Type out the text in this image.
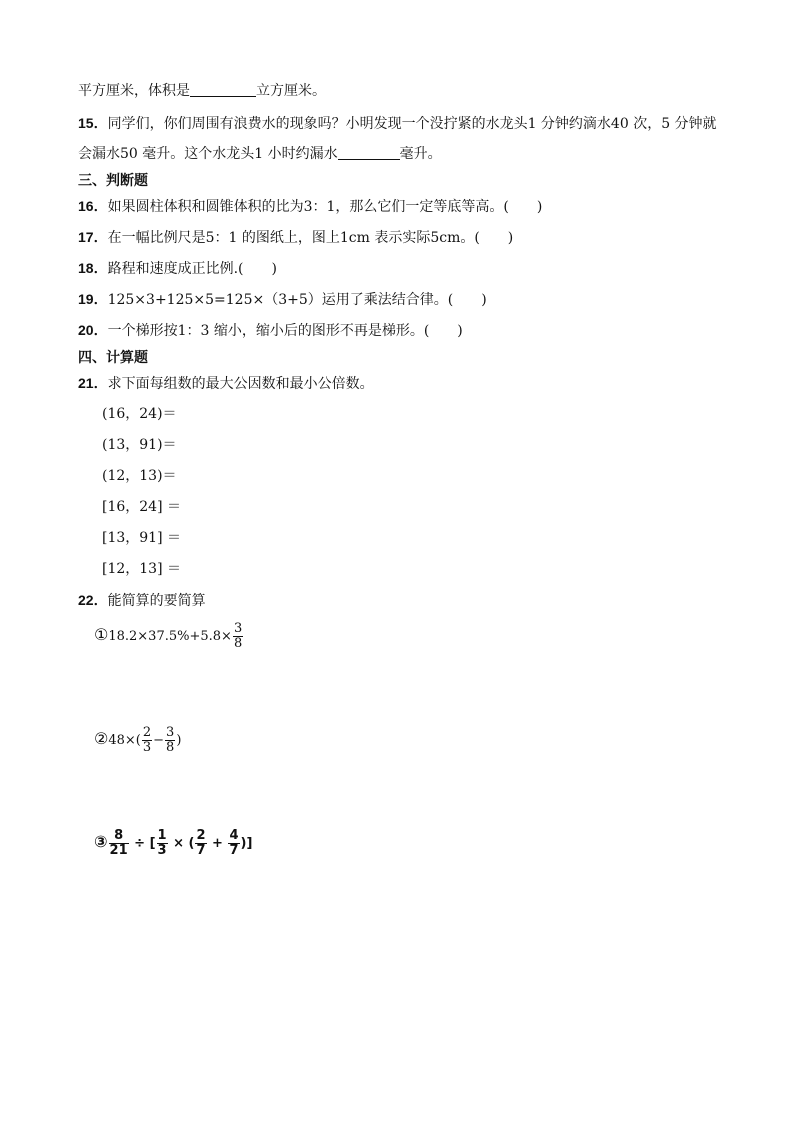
平方厘米，体积是	立方厘米。
15．同学们，你们周围有浪费水的现象吗？小明发现一个没拧紧的水龙头1 分钟约滴水40 次，5 分钟就
会漏水50 毫升。这个水龙头1 小时约漏水	毫升。
三、判断题
16．如果圆柱体积和圆锥体积的比为3：1，那么它们一定等底等高。(　　)
17．在一幅比例尺是5：1 的图纸上，图上1cm 表示实际5cm。(　　)
18．路程和速度成正比例.(　　)
19．125×3+125×5=125×（3+5）运用了乘法结合律。(　　)
20．一个梯形按1：3 缩小，缩小后的图形不再是梯形。(　　)
四、计算题
21．求下面每组数的最大公因数和最小公倍数。
(16，24)＝
(13，91)＝
(12，13)＝
[16，24] ＝
[13，91] ＝
[12，13] ＝
22．能简算的要简算
①18.2×37.5%+5.8× $\frac{3}{8}$
②48×( $\frac{2}{3} - \frac{3}{8}$ )
③ $\frac{8}{21}$ ÷ [ $\frac{1}{3}$ × ( $\frac{2}{7} + \frac{4}{7}$ )]
